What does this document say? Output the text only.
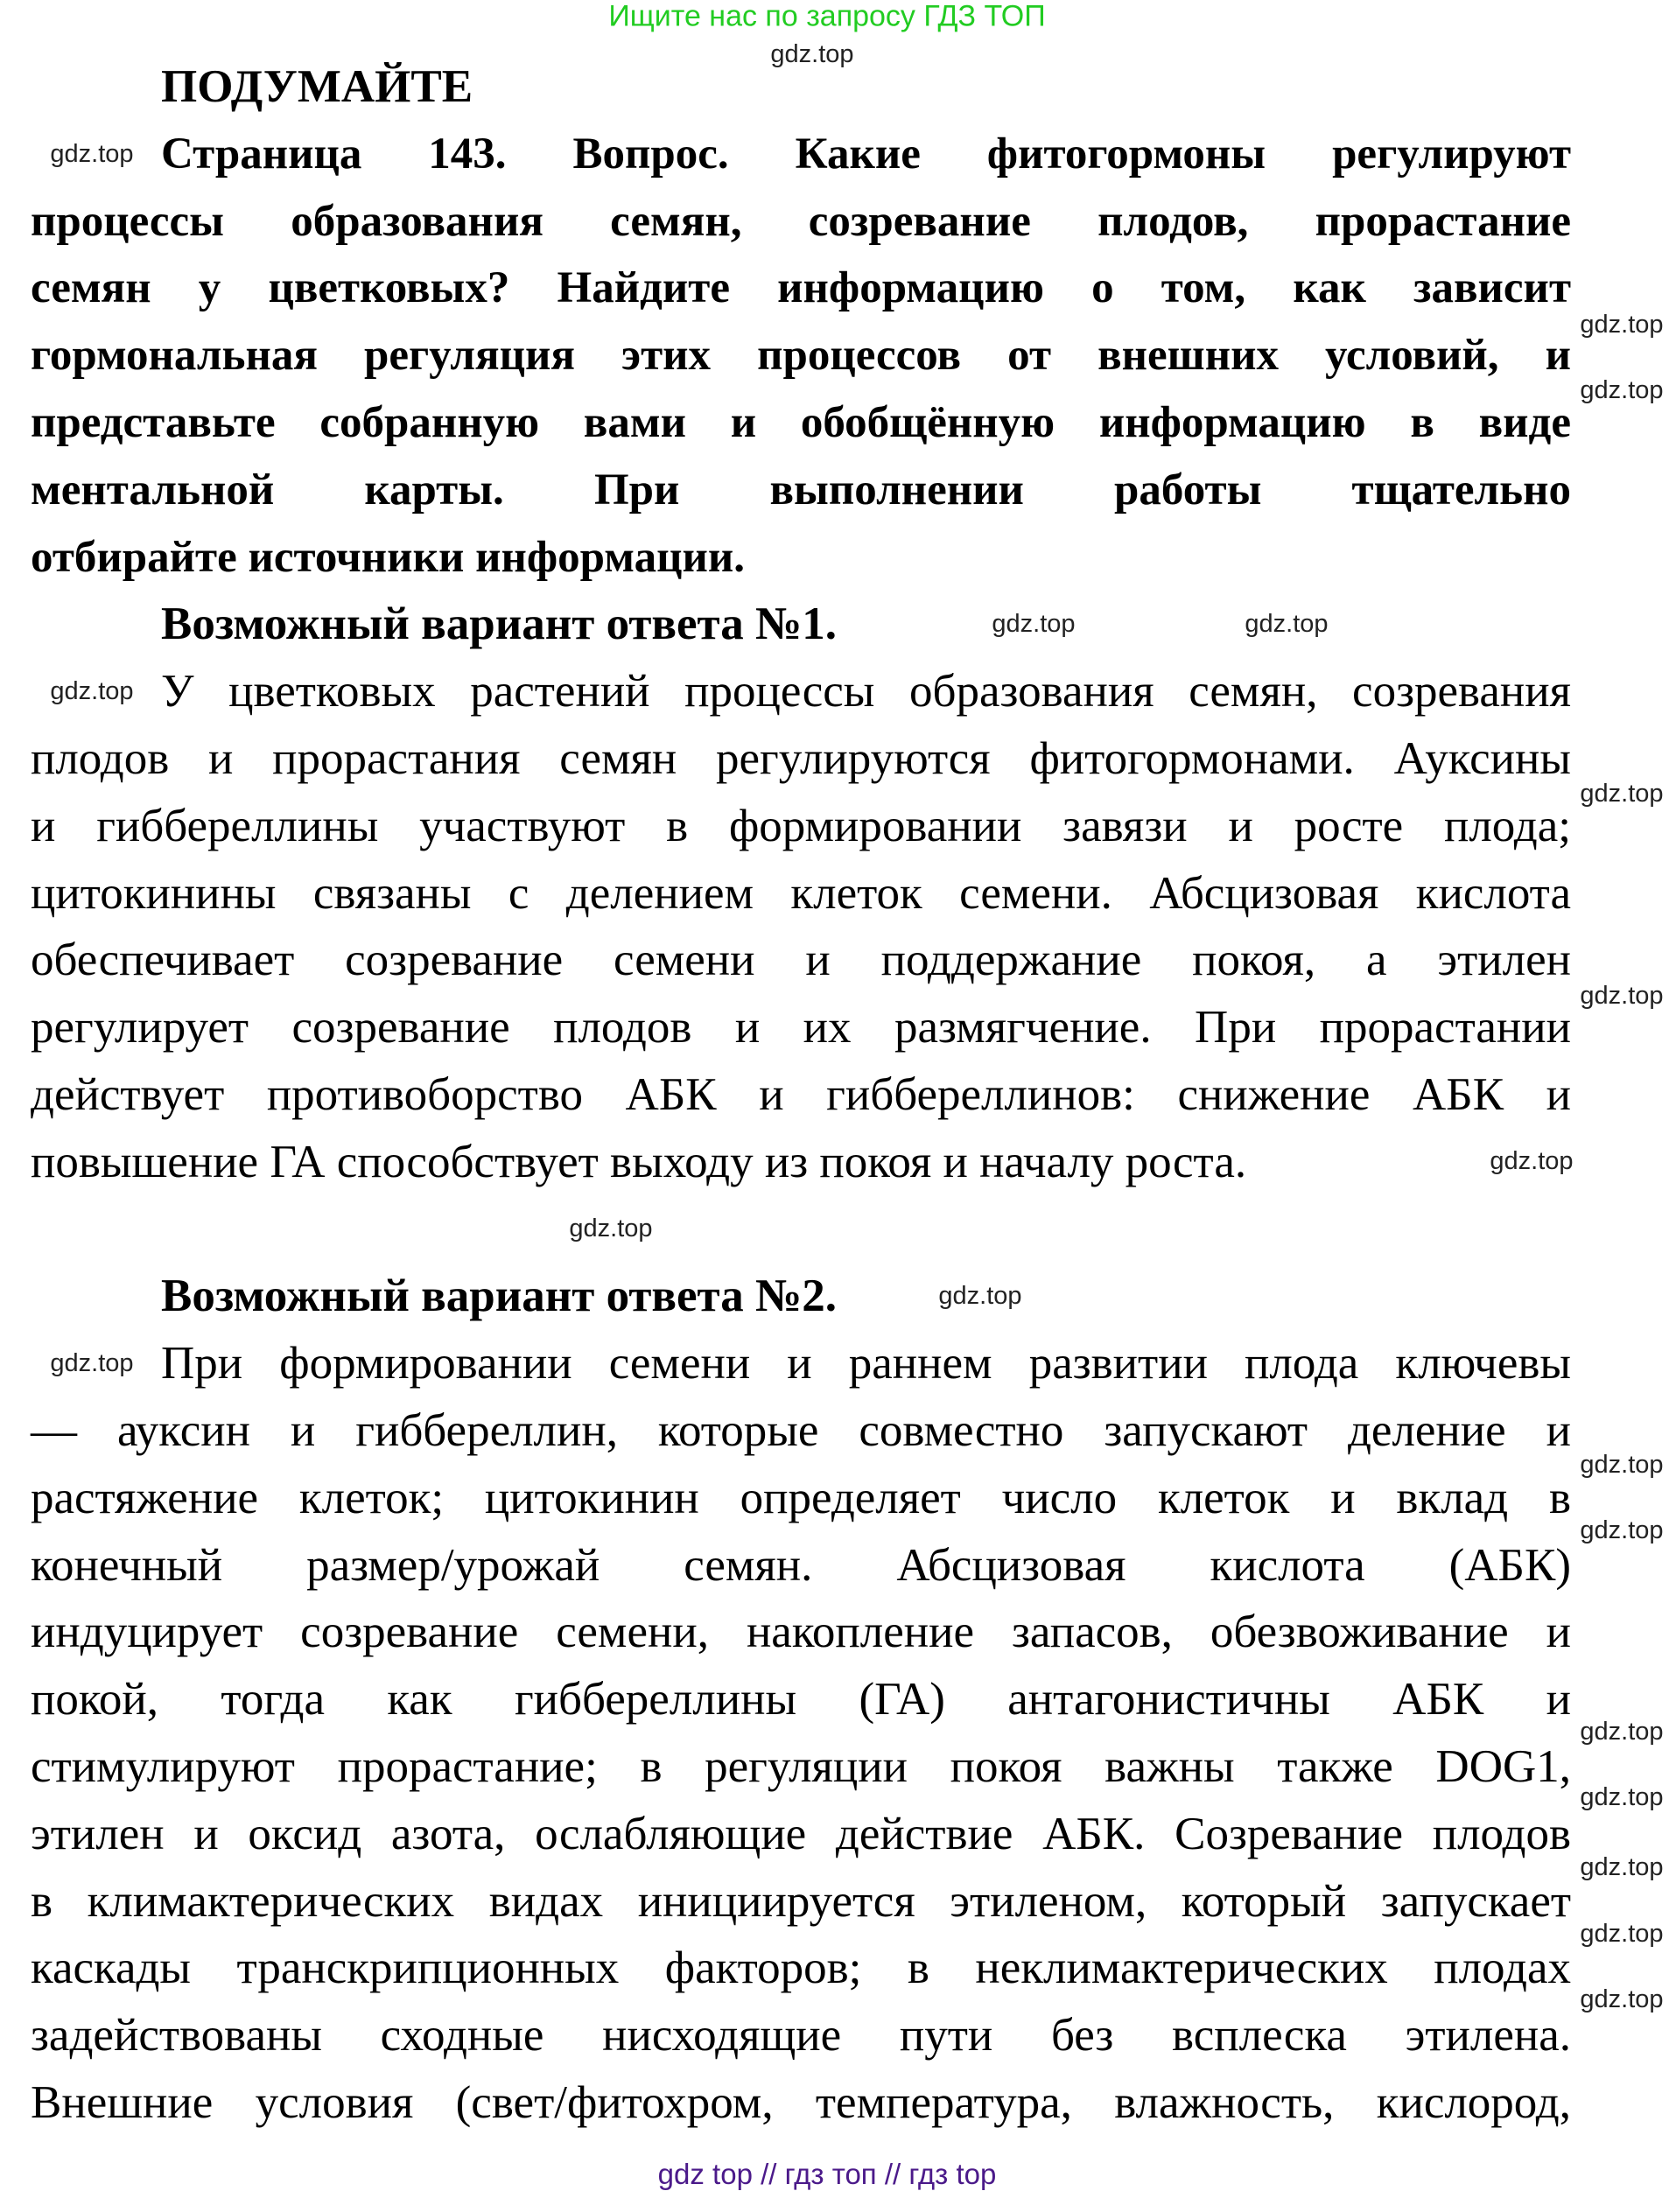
Ищите нас по запросу ГДЗ ТОП
ПОДУМАЙТЕ
Страница 143. Вопрос. Какие фитогормоны регулируют
процессы образования семян, созревание плодов, прорастание
семян у цветковых? Найдите информацию о том, как зависит
гормональная регуляция этих процессов от внешних условий, и
представьте собранную вами и обобщённую информацию в виде
ментальной карты. При выполнении работы тщательно
отбирайте источники информации.
Возможный вариант ответа №1.
У цветковых растений процессы образования семян, созревания
плодов и прорастания семян регулируются фитогормонами. Ауксины
и гиббереллины участвуют в формировании завязи и росте плода;
цитокинины связаны с делением клеток семени. Абсцизовая кислота
обеспечивает созревание семени и поддержание покоя, а этилен
регулирует созревание плодов и их размягчение. При прорастании
действует противоборство АБК и гиббереллинов: снижение АБК и
повышение ГА способствует выходу из покоя и началу роста.
Возможный вариант ответа №2.
При формировании семени и раннем развитии плода ключевы
— ауксин и гиббереллин, которые совместно запускают деление и
растяжение клеток; цитокинин определяет число клеток и вклад в
конечный размер/урожай семян. Абсцизовая кислота (АБК)
индуцирует созревание семени, накопление запасов, обезвоживание и
покой, тогда как гиббереллины (ГА) антагонистичны АБК и
стимулируют прорастание; в регуляции покоя важны также DOG1,
этилен и оксид азота, ослабляющие действие АБК. Созревание плодов
в климактерических видах инициируется этиленом, который запускает
каскады транскрипционных факторов; в неклимактерических плодах
задействованы сходные нисходящие пути без всплеска этилена.
Внешние условия (свет/фитохром, температура, влажность, кислород,
gdz.top
gdz.top
gdz.top
gdz.top
gdz.top	gdz.top
gdz.top
gdz.top
gdz.top
gdz.top
gdz.top
gdz.top
gdz.top
gdz.top
gdz.top
gdz.top
gdz.top
gdz.top
gdz.top
gdz.top
gdz top // гдз топ // гдз top
